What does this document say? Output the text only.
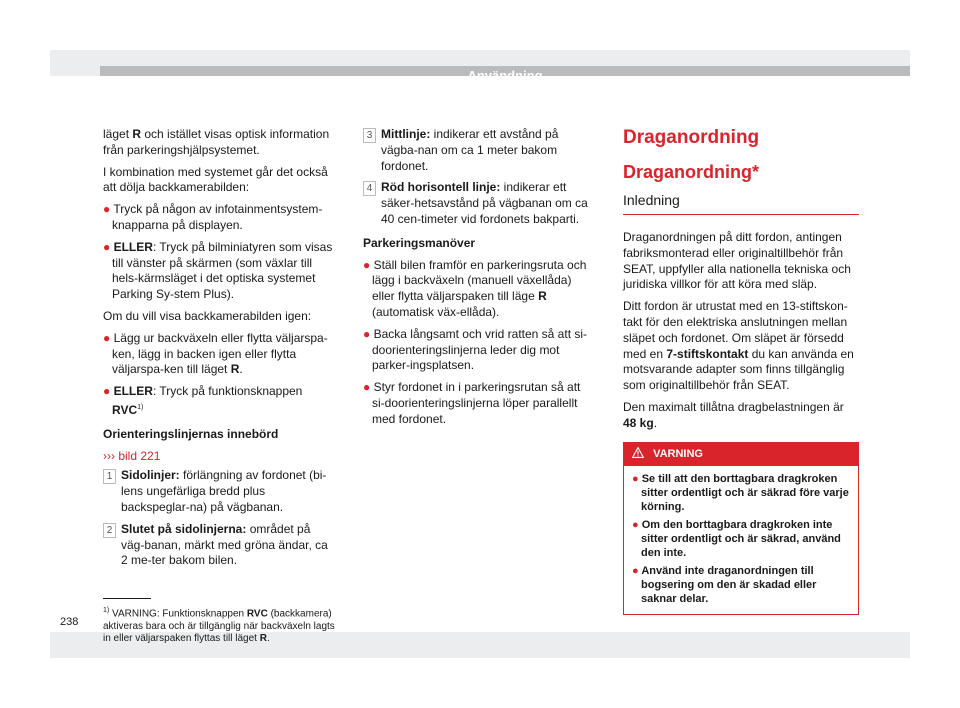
läget R och istället visas optisk information från parkeringshjälpsystemet.

I kombination med systemet går det också att dölja backkamerabilden:

● Tryck på någon av infotainmentsystem-knapparna på displayen.

● ELLER: Tryck på bilminiatyren som visas till vänster på skärmen (som växlar till hels-kärmsläget i det optiska systemet Parking Sy-stem Plus).

Om du vill visa backkamerabilden igen:

● Lägg ur backväxeln eller flytta väljarspa-ken, lägg in backen igen eller flytta väljarspa-ken till läget R.

● ELLER: Tryck på funktionsknappen RVC$^{1)}$

Orienteringslinjernas innebörd

››› bild 221

1 Sidolinjer: förlängning av fordonet (bi-lens ungefärliga bredd plus backspeglar-na) på vägbanan.
2 Slutet på sidolinjerna: området på väg-banan, märkt med gröna ändar, ca 2 me-ter bakom bilen.
3 Mittlinje: indikerar ett avstånd på vägba-nan om ca 1 meter bakom fordonet.
4 Röd horisontell linje: indikerar ett säker-hetsavstånd på vägbanan om ca 40 cen-timeter vid fordonets bakparti.

Parkeringsmanöver

● Ställ bilen framför en parkeringsruta och lägg i backväxeln (manuell växellåda) eller flytta väljarspaken till läge R (automatisk väx-ellåda).

● Backa långsamt och vrid ratten så att si-doorienteringslinjerna leder dig mot parker-ingsplatsen.

● Styr fordonet in i parkeringsrutan så att si-doorienteringslinjerna löper parallellt med fordonet.

Draganordning
Draganordning*
Inledning

Draganordningen på ditt fordon, antingen fabriksmonterad eller originaltillbehör från SEAT, uppfyller alla nationella tekniska och juridiska villkor för att köra med släp.

Ditt fordon är utrustat med en 13-stiftskon-takt för den elektriska anslutningen mellan släpet och fordonet. Om släpet är försedd med en 7-stiftskontakt du kan använda en motsvarande adapter som finns tillgänglig som originaltillbehör från SEAT.

Den maximalt tillåtna dragbelastningen är 48 kg.

VARNING

● Se till att den borttagbara dragkroken sitter ordentligt och är säkrad före varje körning.

● Om den borttagbara dragkroken inte sitter ordentligt och är säkrad, använd den inte.

● Använd inte draganordningen till bogsering om den är skadad eller saknar delar.

$^{1)}$ VARNING: Funktionsknappen RVC (backkamera) aktiveras bara och är tillgänglig när backväxeln lagts in eller väljarspaken flyttas till läget R.
238
